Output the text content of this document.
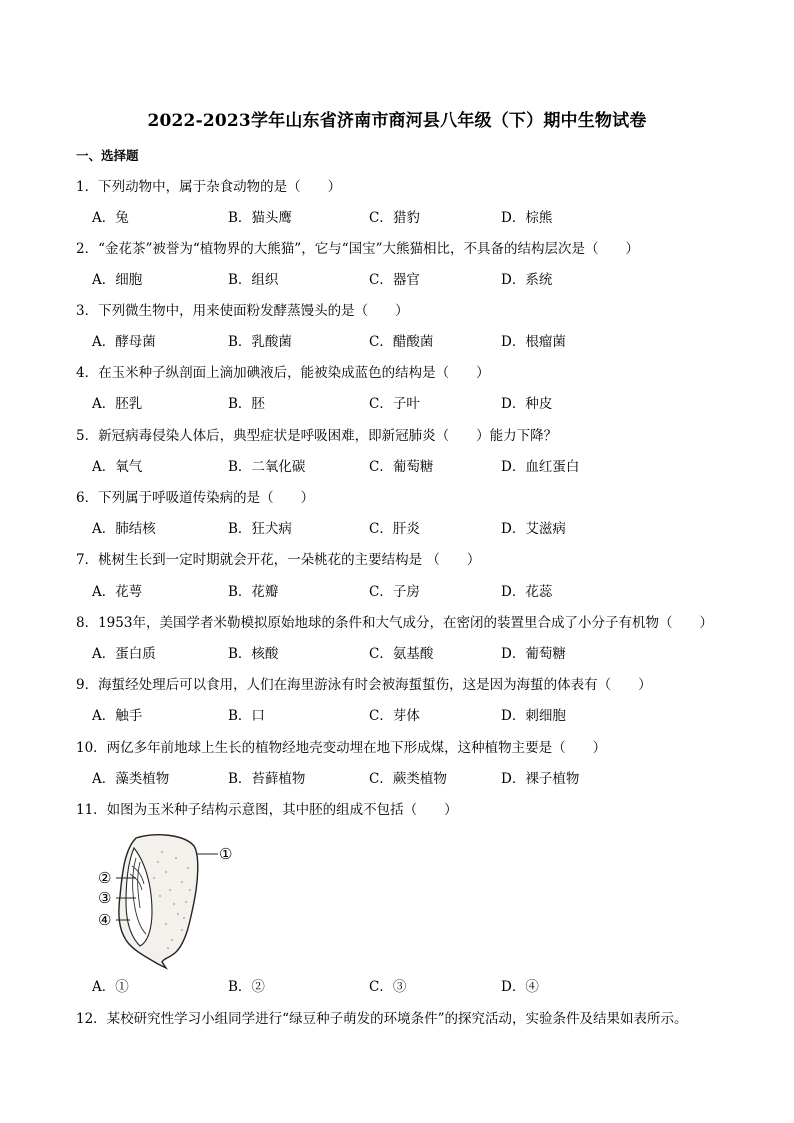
2022-2023学年山东省济南市商河县八年级（下）期中生物试卷
一、选择题
1．下列动物中，属于杂食动物的是（　　）
A．兔	B．猫头鹰	C．猎豹	D．棕熊
2．“金花茶”被誉为“植物界的大熊猫”，它与“国宝”大熊猫相比，不具备的结构层次是（　　）
A．细胞	B．组织	C．器官	D．系统
3．下列微生物中，用来使面粉发酵蒸馒头的是（　　）
A．酵母菌	B．乳酸菌	C．醋酸菌	D．根瘤菌
4．在玉米种子纵剖面上滴加碘液后，能被染成蓝色的结构是（　　）
A．胚乳	B．胚	C．子叶	D．种皮
5．新冠病毒侵染人体后，典型症状是呼吸困难，即新冠肺炎（　　）能力下降？
A．氧气	B．二氧化碳	C．葡萄糖	D．血红蛋白
6．下列属于呼吸道传染病的是（　　）
A．肺结核	B．狂犬病	C．肝炎	D．艾滋病
7．桃树生长到一定时期就会开花，一朵桃花的主要结构是 （　　）
A．花萼	B．花瓣	C．子房	D．花蕊
8．1953年，美国学者米勒模拟原始地球的条件和大气成分，在密闭的装置里合成了小分子有机物（　　）
A．蛋白质	B．核酸	C．氨基酸	D．葡萄糖
9．海蜇经处理后可以食用，人们在海里游泳有时会被海蜇蜇伤，这是因为海蜇的体表有（　　）
A．触手	B．口	C．芽体	D．刺细胞
10．两亿多年前地球上生长的植物经地壳变动埋在地下形成煤，这种植物主要是（　　）
A．藻类植物	B．苔藓植物	C．蕨类植物	D．裸子植物
11．如图为玉米种子结构示意图，其中胚的组成不包括（　　）
①
②
③
④
A．①	B．②	C．③	D．④
12．某校研究性学习小组同学进行“绿豆种子萌发的环境条件”的探究活动，实验条件及结果如表所示。
